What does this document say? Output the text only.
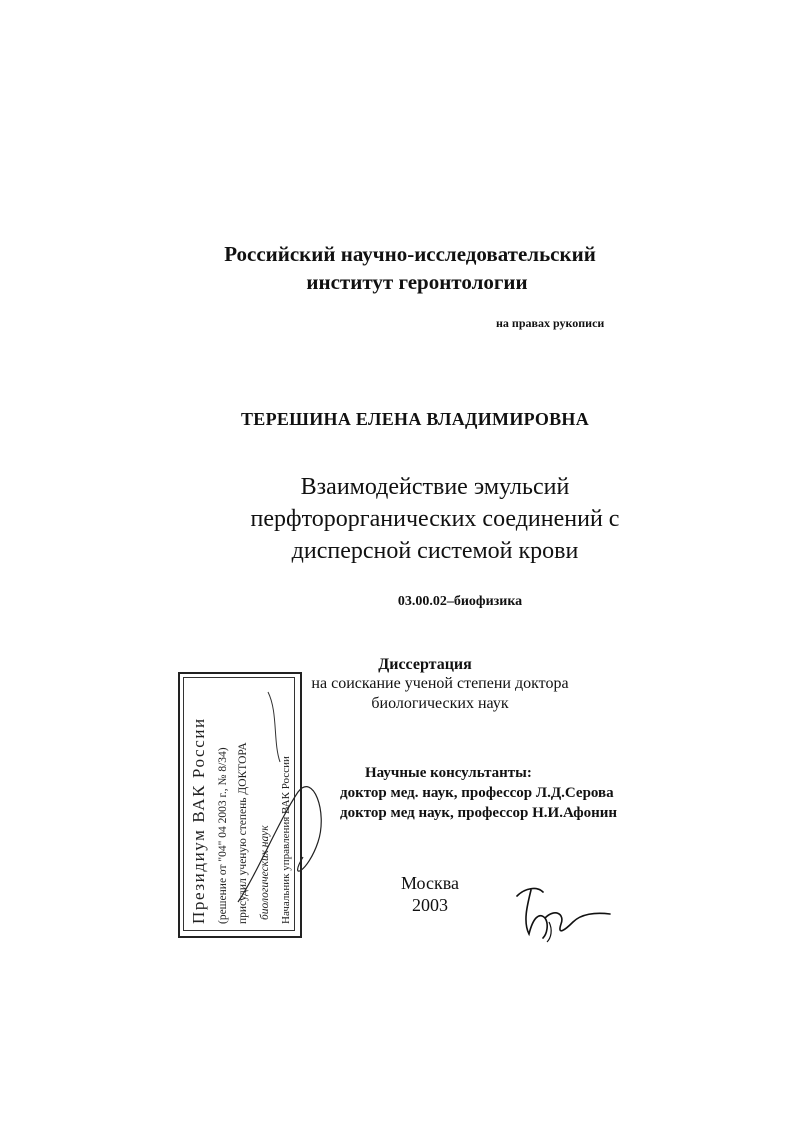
Российский научно-исследовательский
институт геронтологии
на правах рукописи
ТЕРЕШИНА ЕЛЕНА ВЛАДИМИРОВНА
Взаимодействие эмульсий
перфторорганических соединений с
дисперсной системой крови
03.00.02–биофизика
Диссертация
на соискание ученой степени доктора
биологических наук
Научные консультанты:
доктор мед. наук, профессор Л.Д.Серова
доктор мед наук, профессор Н.И.Афонин
Москва
2003
Президиум ВАК России (решение от "04" 04 2003 г., № 8/34) присудил ученую степень ДОКТОРА биологических наук Начальник управления ВАК России
